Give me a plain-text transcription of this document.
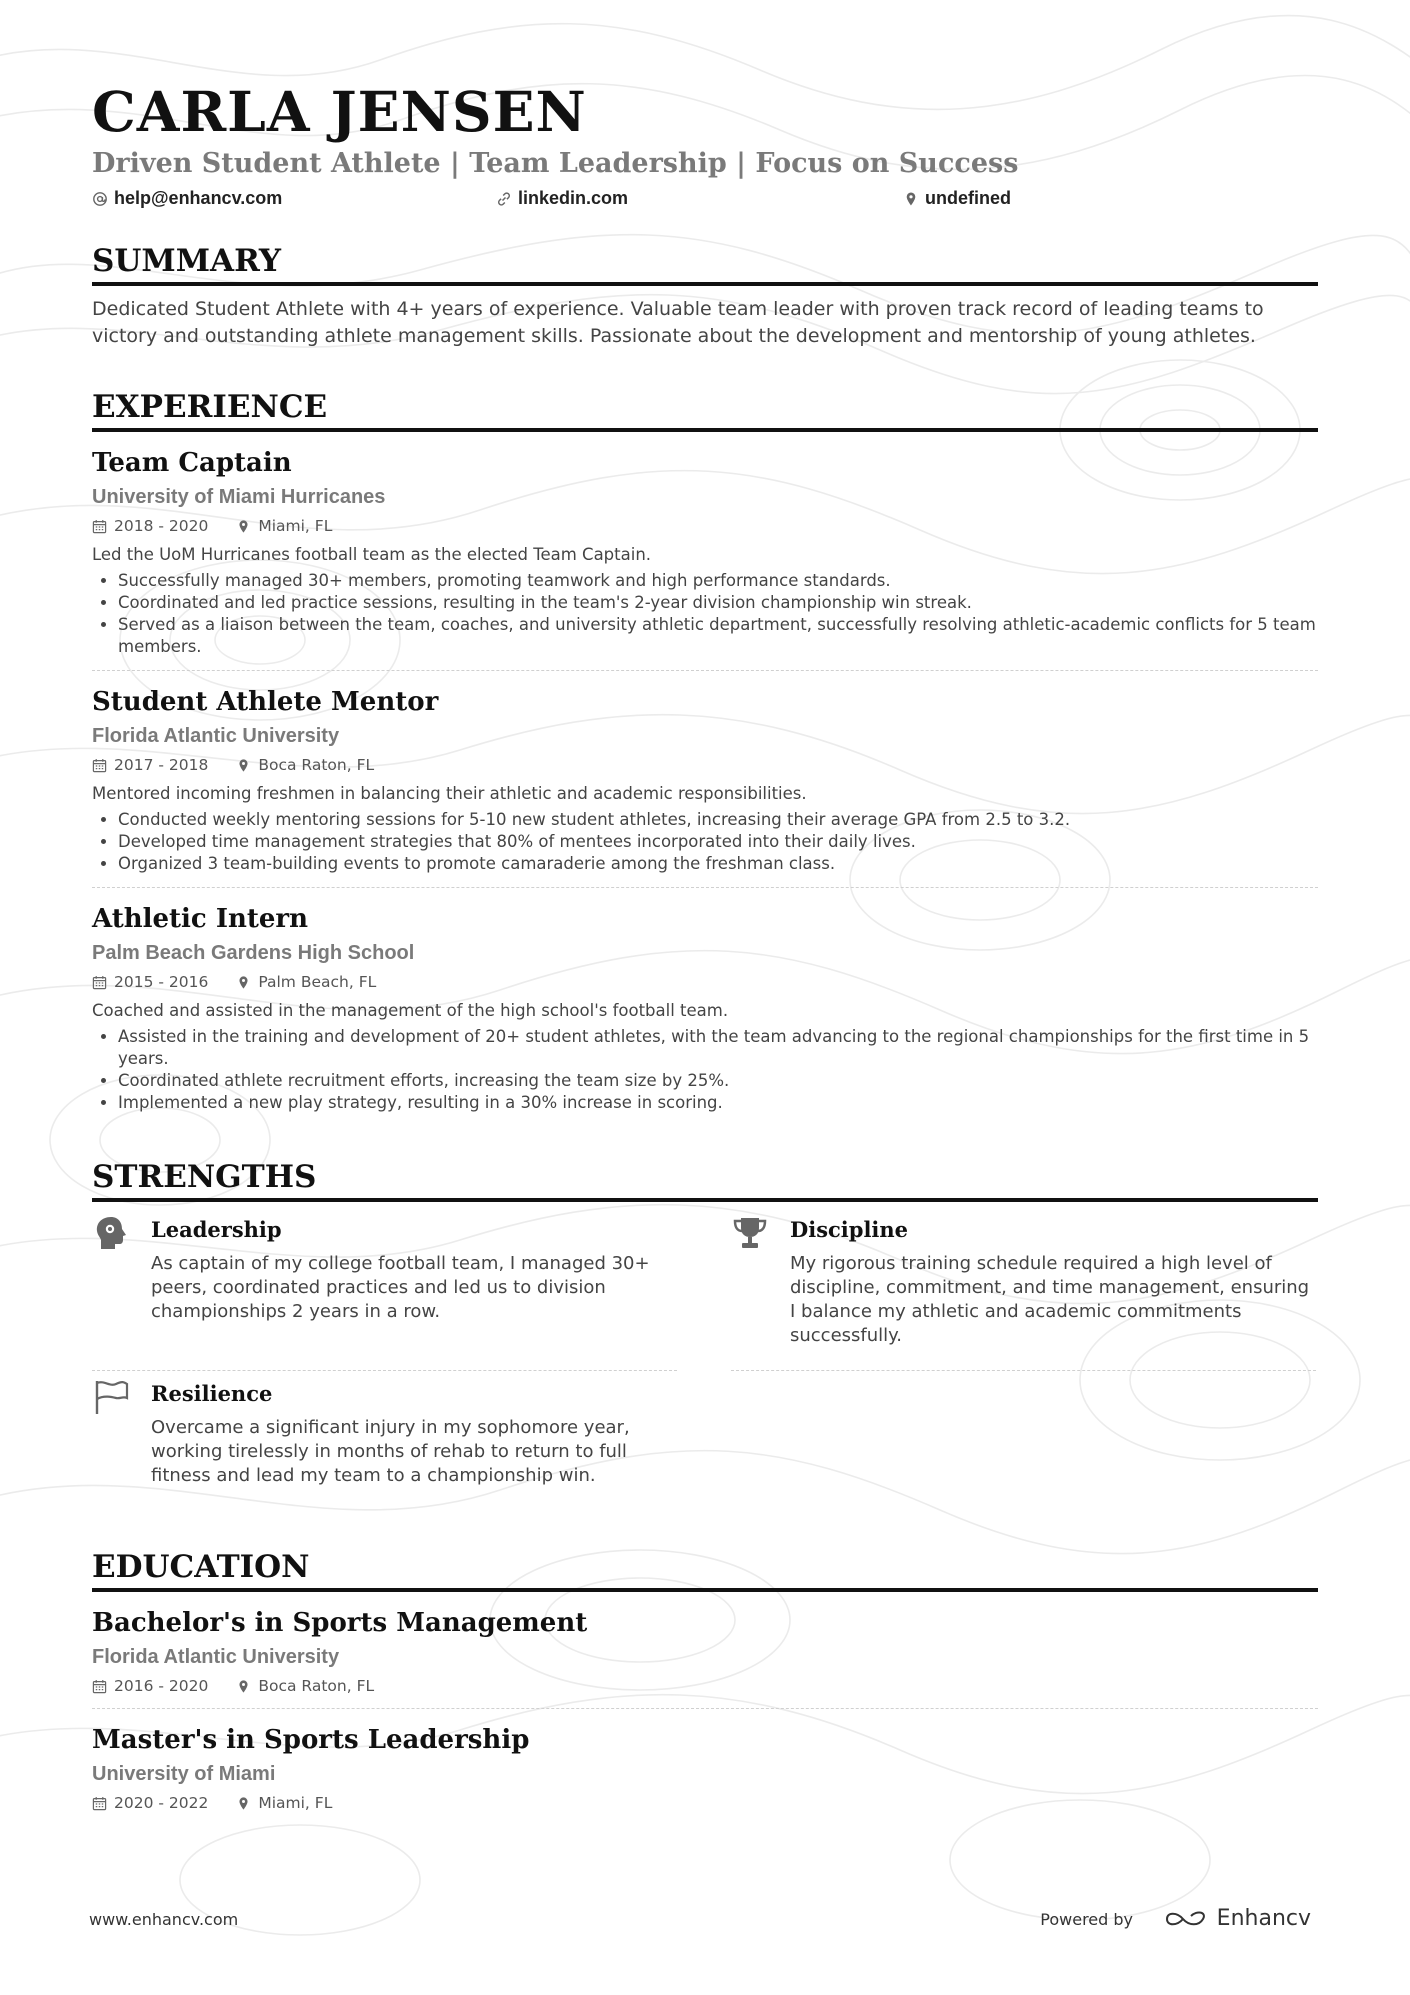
CARLA JENSEN

Driven Student Athlete | Team Leadership | Focus on Success

help@enhancv.com	linkedin.com	undefined
SUMMARY

Dedicated Student Athlete with 4+ years of experience. Valuable team leader with proven track record of leading teams to victory and outstanding athlete management skills. Passionate about the development and mentorship of young athletes.

EXPERIENCE
Team Captain

University of Miami Hurricanes

2018 - 2020	Miami, FL

Led the UoM Hurricanes football team as the elected Team Captain.

• Successfully managed 30+ members, promoting teamwork and high performance standards.
• Coordinated and led practice sessions, resulting in the team's 2-year division championship win streak.
• Served as a liaison between the team, coaches, and university athletic department, successfully resolving athletic-academic conflicts for 5 team members.
Student Athlete Mentor

Florida Atlantic University

2017 - 2018	Boca Raton, FL

Mentored incoming freshmen in balancing their athletic and academic responsibilities.

• Conducted weekly mentoring sessions for 5-10 new student athletes, increasing their average GPA from 2.5 to 3.2.
• Developed time management strategies that 80% of mentees incorporated into their daily lives.
• Organized 3 team-building events to promote camaraderie among the freshman class.
Athletic Intern

Palm Beach Gardens High School

2015 - 2016	Palm Beach, FL

Coached and assisted in the management of the high school's football team.

• Assisted in the training and development of 20+ student athletes, with the team advancing to the regional championships for the first time in 5 years.
• Coordinated athlete recruitment efforts, increasing the team size by 25%.
• Implemented a new play strategy, resulting in a 30% increase in scoring.
STRENGTHS
Leadership

As captain of my college football team, I managed 30+ peers, coordinated practices and led us to division championships 2 years in a row.

Discipline

My rigorous training schedule required a high level of discipline, commitment, and time management, ensuring I balance my athletic and academic commitments successfully.

Resilience

Overcame a significant injury in my sophomore year, working tirelessly in months of rehab to return to full fitness and lead my team to a championship win.

EDUCATION
Bachelor's in Sports Management

Florida Atlantic University

2016 - 2020	Boca Raton, FL
Master's in Sports Leadership

University of Miami

2020 - 2022	Miami, FL
www.enhancv.com	Powered by	Enhancv
